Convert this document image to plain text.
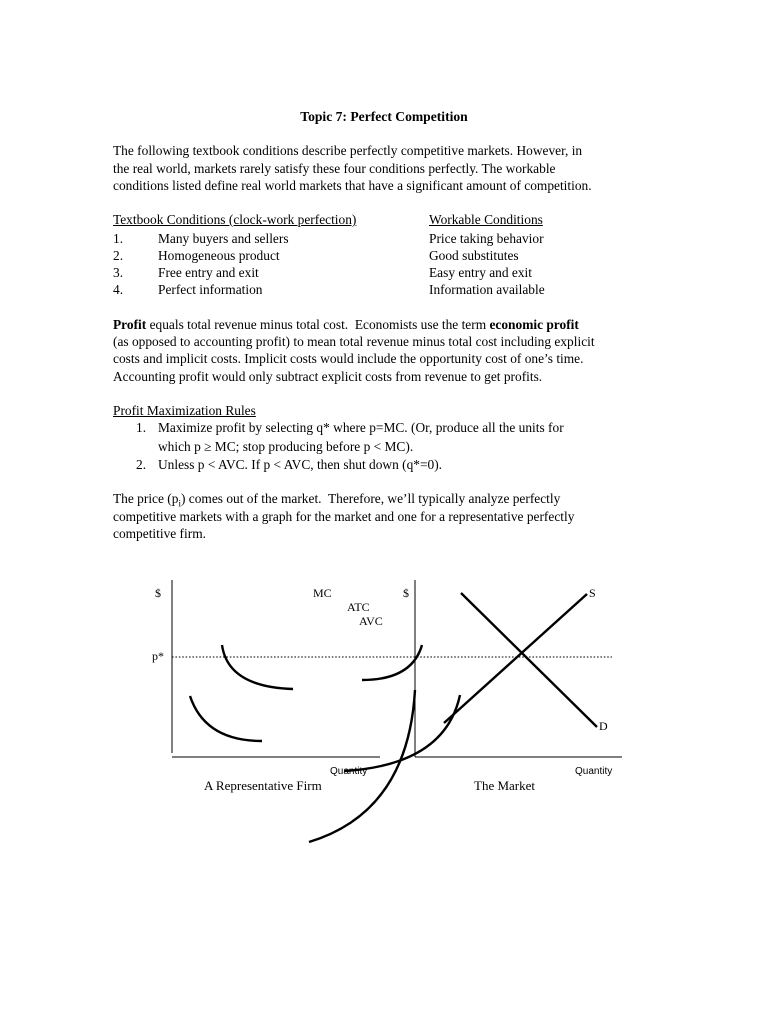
Topic 7: Perfect Competition
The following textbook conditions describe perfectly competitive markets. However, in
the real world, markets rarely satisfy these four conditions perfectly. The workable
conditions listed define real world markets that have a significant amount of competition.
Textbook Conditions (clock-work perfection)	Workable Conditions
1.	Many buyers and sellers	Price taking behavior
2.	Homogeneous product	Good substitutes
3.	Free entry and exit	Easy entry and exit
4.	Perfect information	Information available
Profit equals total revenue minus total cost.  Economists use the term economic profit
(as opposed to accounting profit) to mean total revenue minus total cost including explicit
costs and implicit costs. Implicit costs would include the opportunity cost of one’s time.
Accounting profit would only subtract explicit costs from revenue to get profits.
Profit Maximization Rules
1. Maximize profit by selecting q* where p=MC. (Or, produce all the units for
which p ≥ MC; stop producing before p < MC).
2. Unless p < AVC. If p < AVC, then shut down (q*=0).
The price $(p_i)$ comes out of the market.  Therefore, we’ll typically analyze perfectly
competitive markets with a graph for the market and one for a representative perfectly
competitive firm.
$
p*
MC
ATC
AVC
Quantity
A Representative Firm
$	S
D
Quantity
The Market
